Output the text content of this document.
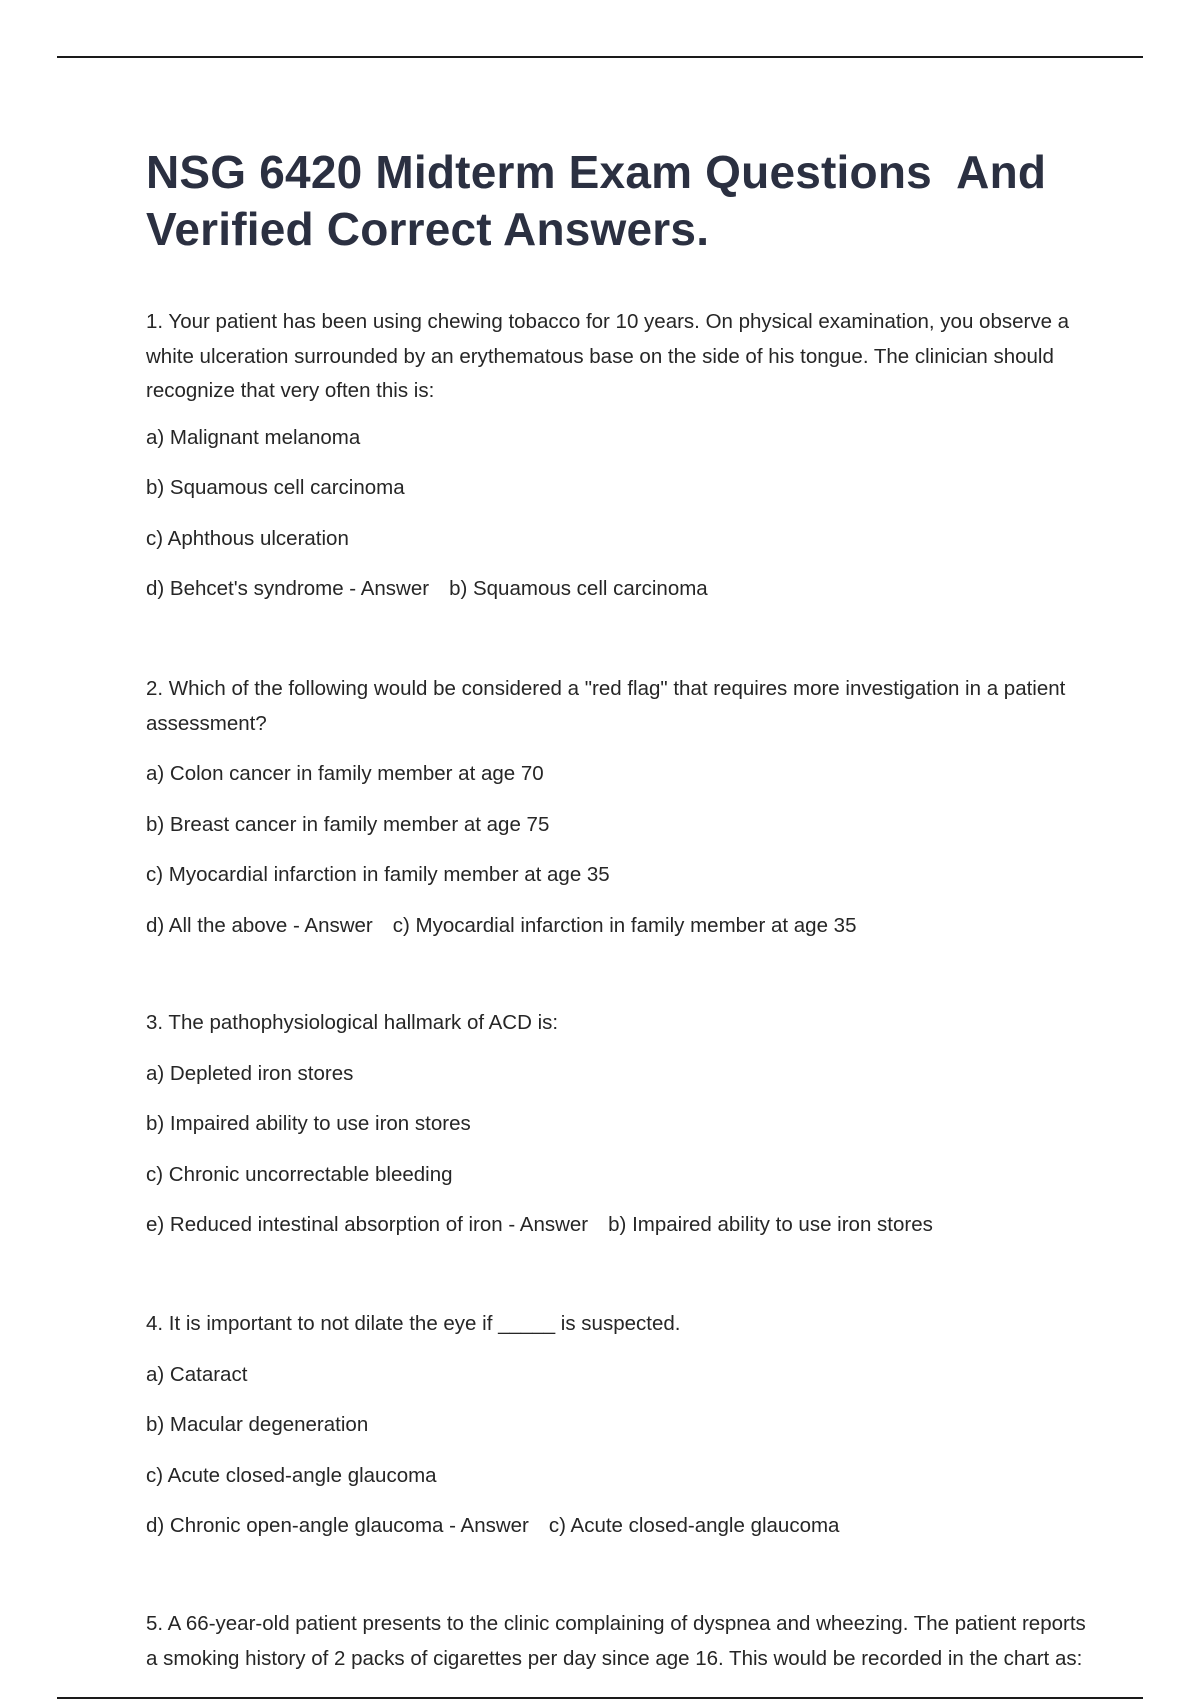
NSG 6420 Midterm Exam Questions  And Verified Correct Answers.

1. Your patient has been using chewing tobacco for 10 years. On physical examination, you observe a white ulceration surrounded by an erythematous base on the side of his tongue. The clinician should recognize that very often this is:

a) Malignant melanoma

b) Squamous cell carcinoma

c) Aphthous ulceration

d) Behcet's syndrome - Answer b) Squamous cell carcinoma

2. Which of the following would be considered a "red flag" that requires more investigation in a patient assessment?

a) Colon cancer in family member at age 70

b) Breast cancer in family member at age 75

c) Myocardial infarction in family member at age 35

d) All the above - Answer c) Myocardial infarction in family member at age 35

3. The pathophysiological hallmark of ACD is:

a) Depleted iron stores

b) Impaired ability to use iron stores

c) Chronic uncorrectable bleeding

e) Reduced intestinal absorption of iron - Answer b) Impaired ability to use iron stores

4. It is important to not dilate the eye if _____ is suspected.

a) Cataract

b) Macular degeneration

c) Acute closed-angle glaucoma

d) Chronic open-angle glaucoma - Answer c) Acute closed-angle glaucoma

5. A 66-year-old patient presents to the clinic complaining of dyspnea and wheezing. The patient reports a smoking history of 2 packs of cigarettes per day since age 16. This would be recorded in the chart as:
